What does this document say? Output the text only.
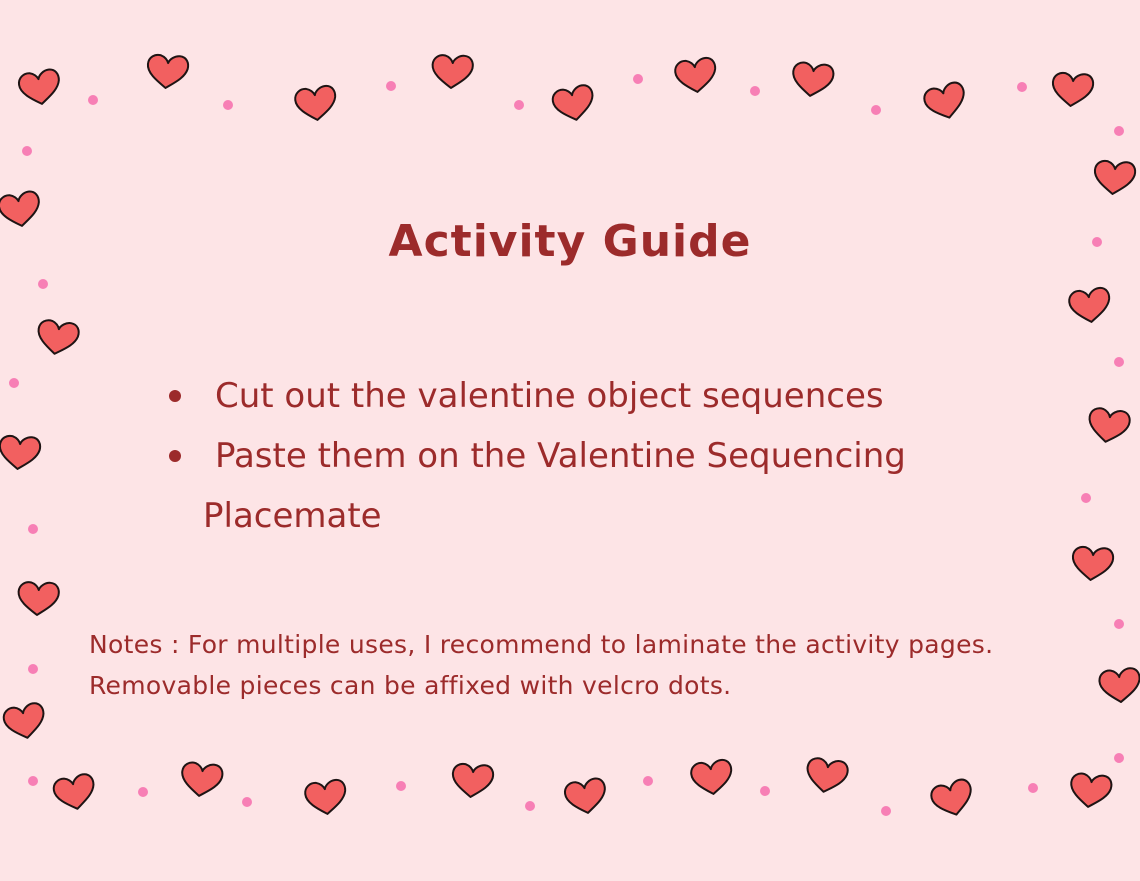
Activity Guide
Cut out the valentine object sequences
Paste them on the Valentine Sequencing
Placemate
Notes : For multiple uses, I recommend to laminate the activity pages.
Removable pieces can be affixed with velcro dots.
